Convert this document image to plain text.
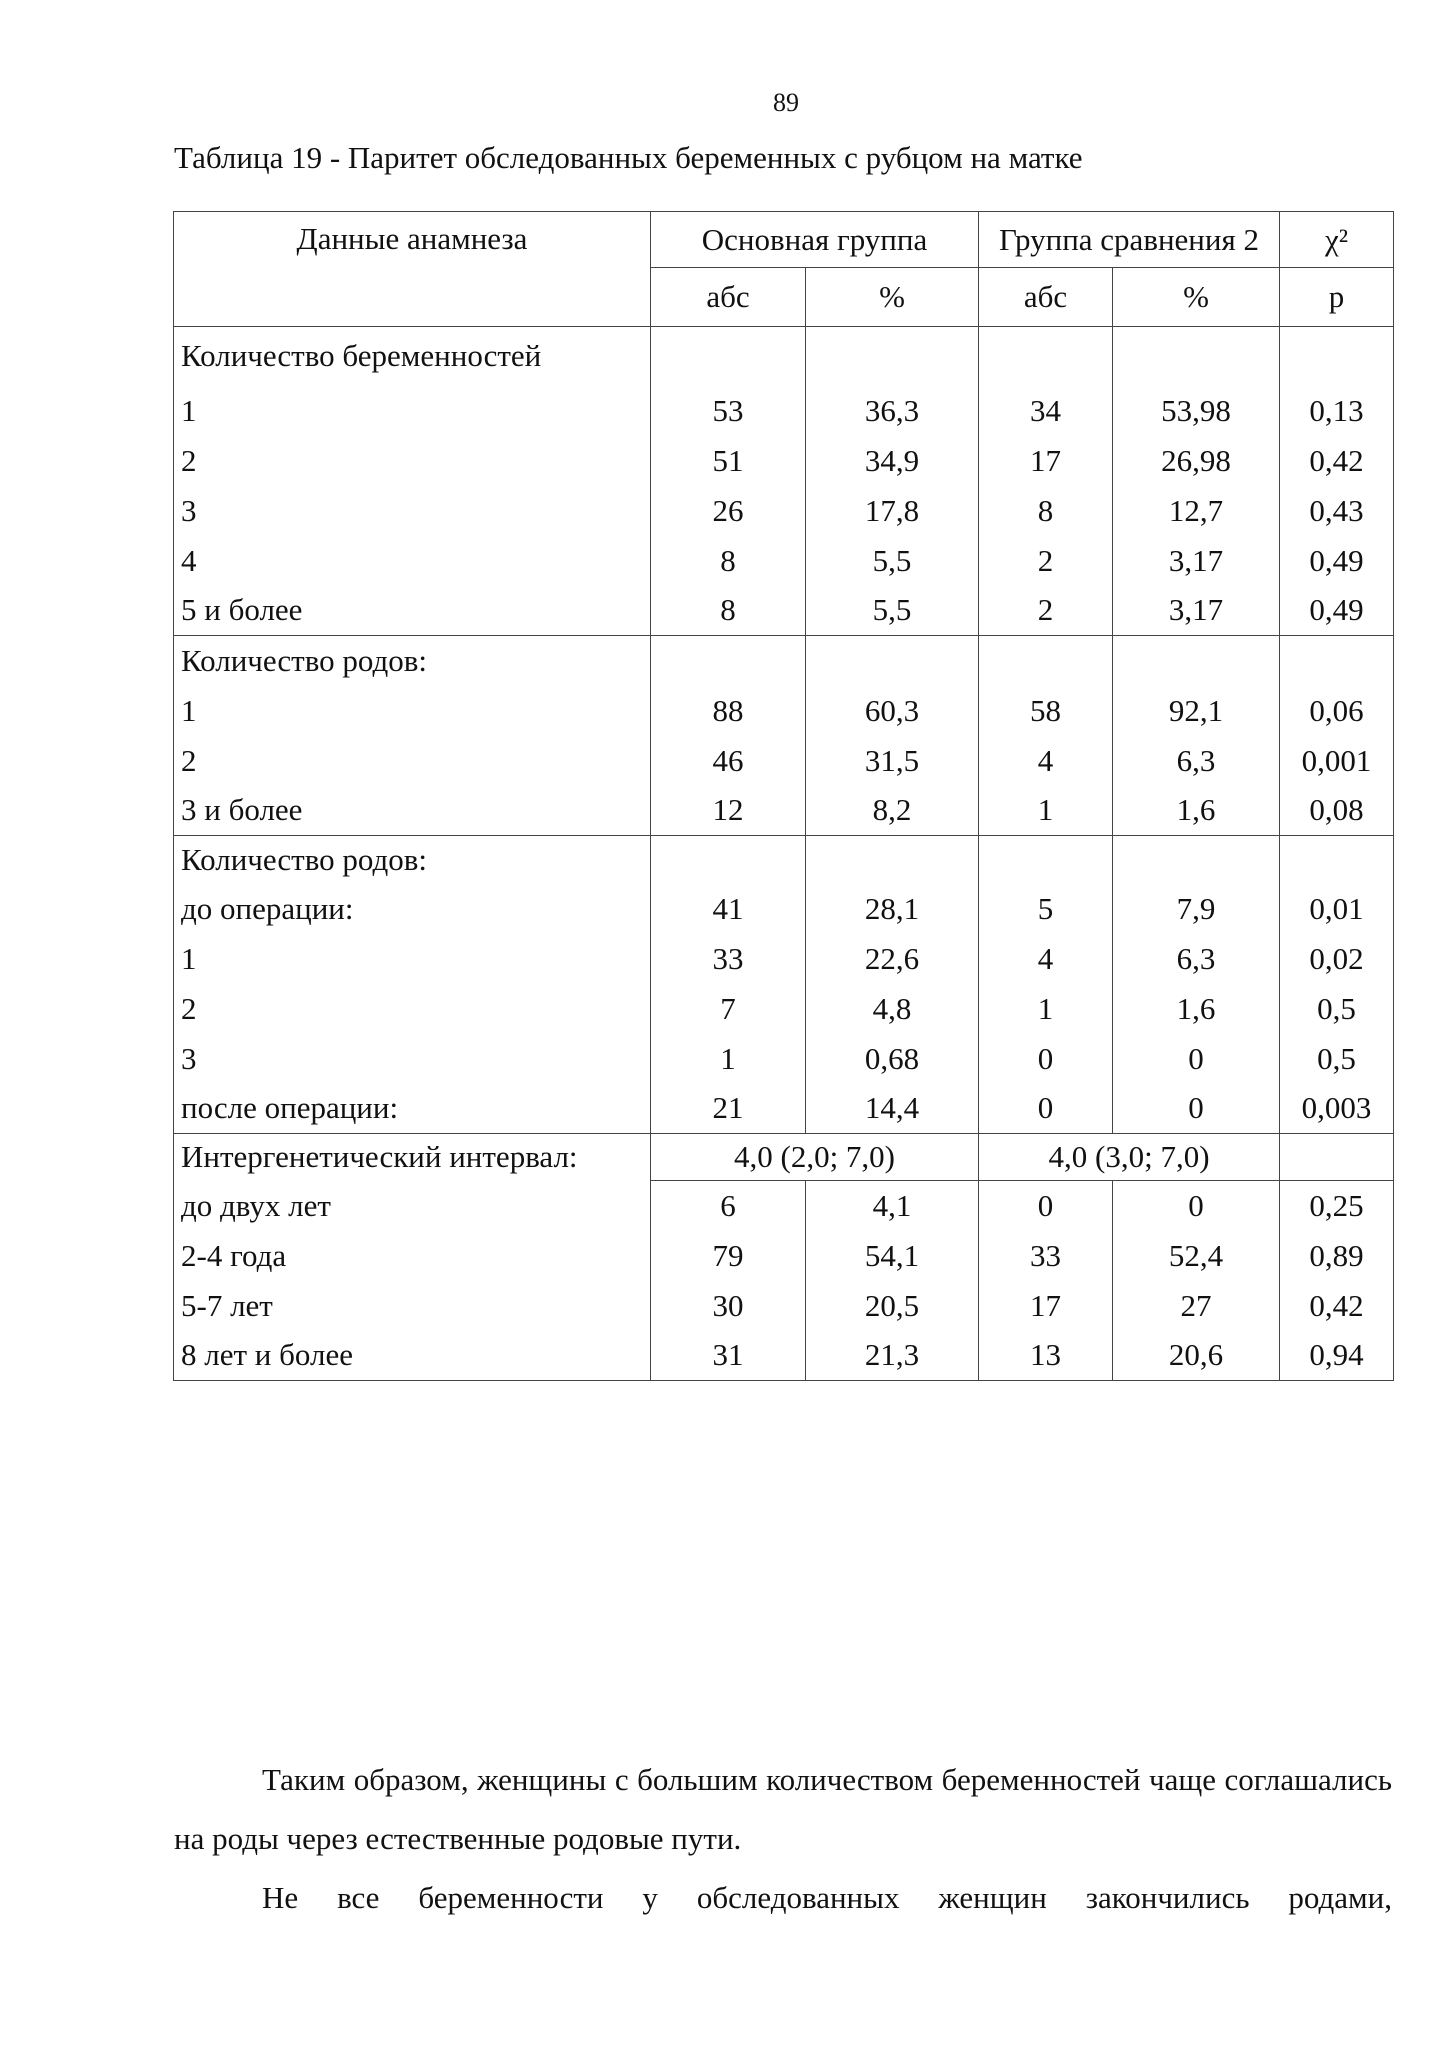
89
Таблица 19 - Паритет обследованных беременных с рубцом на матке
Данные анамнеза	Основная группа		Группа сравнения 2		χ²
	абс	%	абс	%	р
Количество беременностей					
1	53	36,3	34	53,98	0,13
2	51	34,9	17	26,98	0,42
3	26	17,8	8	12,7	0,43
4	8	5,5	2	3,17	0,49
5 и более	8	5,5	2	3,17	0,49
Количество родов:					
1	88	60,3	58	92,1	0,06
2	46	31,5	4	6,3	0,001
3 и более	12	8,2	1	1,6	0,08
Количество родов:					
до операции:	41	28,1	5	7,9	0,01
1	33	22,6	4	6,3	0,02
2	7	4,8	1	1,6	0,5
3	1	0,68	0	0	0,5
после операции:	21	14,4	0	0	0,003
Интергенетический интервал:	4,0 (2,0; 7,0)		4,0 (3,0; 7,0)		
до двух лет	6	4,1	0	0	0,25
2-4 года	79	54,1	33	52,4	0,89
5-7 лет	30	20,5	17	27	0,42
8 лет и более	31	21,3	13	20,6	0,94
Таким образом, женщины с большим количеством беременностей чаще соглашались на роды через естественные родовые пути.
Не все беременности у обследованных женщин закончились родами,
